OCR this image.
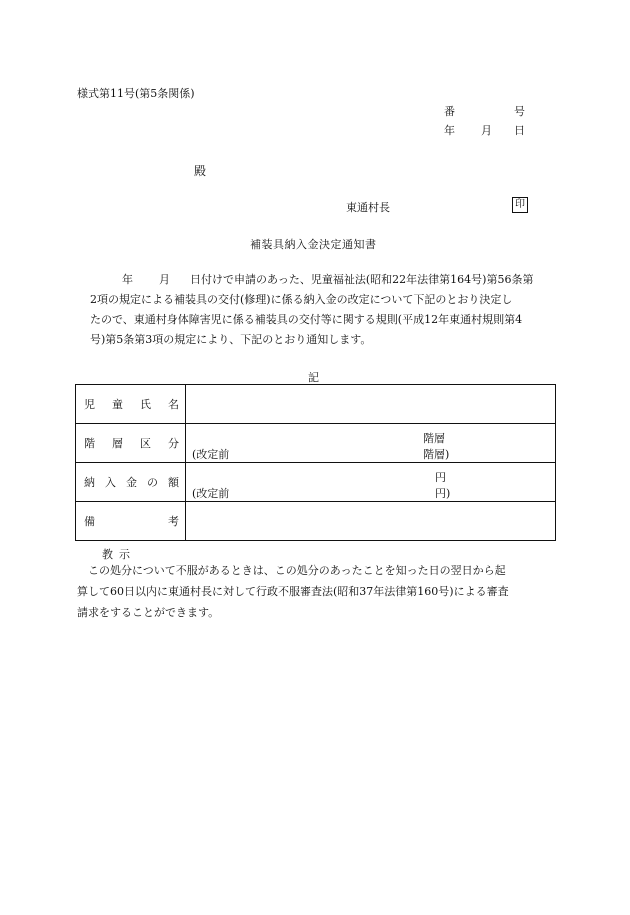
様式第11号(第5条関係)
番	号
年 月 日
殿
東通村長	印
補装具納入金決定通知書
年 月 日付けで申請のあった、児童福祉法(昭和22年法律第164号)第56条第
2項の規定による補装具の交付(修理)に係る納入金の改定について下記のとおり決定し
たので、東通村身体障害児に係る補装具の交付等に関する規則(平成12年東通村規則第4
号)第5条第3項の規定により、下記のとおり通知します。
記
児童氏名	
階層区分	階層
(改定前 階層)

納入金の額	円
(改定前 円)

備考	
教示
　この処分について不服があるときは、この処分のあったことを知った日の翌日から起
算して60日以内に東通村長に対して行政不服審査法(昭和37年法律第160号)による審査
請求をすることができます。
